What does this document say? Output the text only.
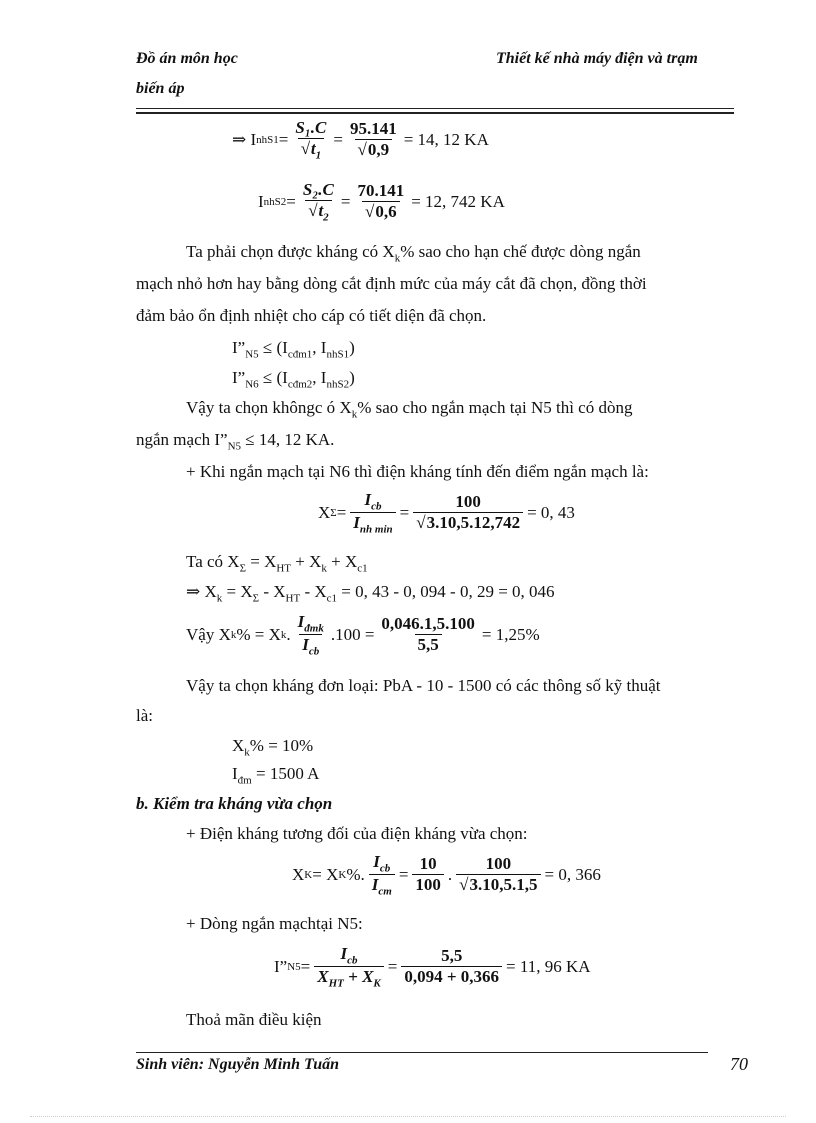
Đồ án môn học
biến áp
Thiết kế nhà máy điện và trạm
⇒ I $nhS1 = \frac{\text{S₁.C}}{√t_1} = \frac{95.141}{√0,9} = 14$, 12 KA
I $nhS2 = \frac{\text{S₂.C}}{√t_2} = \frac{70.141}{√0,6} = 12$, 742 KA
Ta phải chọn được kháng có $X_k\%$ sao cho hạn chế được dòng ngắn
mạch nhỏ hơn hay bằng dòng cắt định mức của máy cắt đã chọn, đồng thời
đảm bảo ổn định nhiệt cho cáp có tiết diện đã chọn.
$I”_{N5} \le (I_{cđm1}$, $I_{nhS1}$)
$I”_{N6} \le (I_{cđm2}$, $I_{nhS2}$)
Vậy ta chọn khôngc ó $X_k\%$ sao cho ngắn mạch tại N5 thì có dòng
ngắn mạch $I”_{N5} \le 14$, 12 KA.
+ Khi ngắn mạch tại N6 thì điện kháng tính đến điểm ngắn mạch là:
X $\Sigma = \frac{I_{cb}}{I_{nh min}} = \frac{100}{√3.10,5.12,742} = 0$, 43
Ta có $X_\Sigma = X_{HT} + X_k + X_{c1}$
⇒ $X_k = X_\Sigma - X_{HT} - X_{c1} = 0$, 43 - 0, 094 - 0, 29 = 0, 046
Vậy X k % = X k . $\frac{I_{đmk}}{I_{cb}} .100 = \frac{0,046.1,5.100}{5,5} = 1,25\%$
Vậy ta chọn kháng đơn loại: PbA - 10 - 1500 có các thông số kỹ thuật
là:
$X_k\% = 10\%$
$I_{đm} = 1500$ A
b. Kiểm tra kháng vừa chọn
+ Điện kháng tương đối của điện kháng vừa chọn:
X K = X K %. $\frac{I_{cb}}{I_{cm}} = \frac{10}{100}$ . $\frac{100}{√3.10,5.1,5} = 0$, 366
+ Dòng ngắn mạchtại N5:
I” $N5 = \frac{I_{cb}}{X_{HT} + X_K} = \frac{5,5}{0,094 + 0,366} = 11$, 96 KA
Thoả mãn điều kiện
Sinh viên: Nguyễn Minh Tuấn	70
